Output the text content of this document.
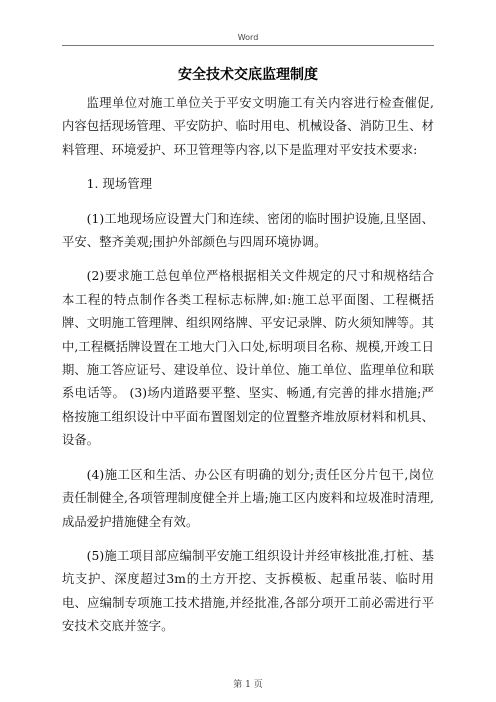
Word
安全技术交底监理制度

监理单位对施工单位关于平安文明施工有关内容进行检查催促,内容包括现场管理、平安防护、临时用电、机械设备、消防卫生、材料管理、环境爱护、环卫管理等内容,以下是监理对平安技术要求:

1. 现场管理

(1)工地现场应设置大门和连续、密闭的临时围护设施,且坚固、平安、整齐美观;围护外部颜色与四周环境协调。

(2)要求施工总包单位严格根据相关文件规定的尺寸和规格结合本工程的特点制作各类工程标志标牌,如:施工总平面图、工程概括牌、文明施工管理牌、组织网络牌、平安记录牌、防火须知牌等。其中,工程概括牌设置在工地大门入口处,标明项目名称、规模,开竣工日期、施工答应证号、建设单位、设计单位、施工单位、监理单位和联系电话等。 (3)场内道路要平整、坚实、畅通,有完善的排水措施;严格按施工组织设计中平面布置图划定的位置整齐堆放原材料和机具、设备。

(4)施工区和生活、办公区有明确的划分;责任区分片包干,岗位责任制健全,各项管理制度健全并上墙;施工区内废料和垃圾准时清理,成品爱护措施健全有效。

(5)施工项目部应编制平安施工组织设计并经审核批准,打桩、基坑支护、深度超过3m的土方开挖、支拆模板、起重吊装、临时用电、应编制专项施工技术措施,并经批准,各部分项开工前必需进行平安技术交底并签字。

第 1 页
